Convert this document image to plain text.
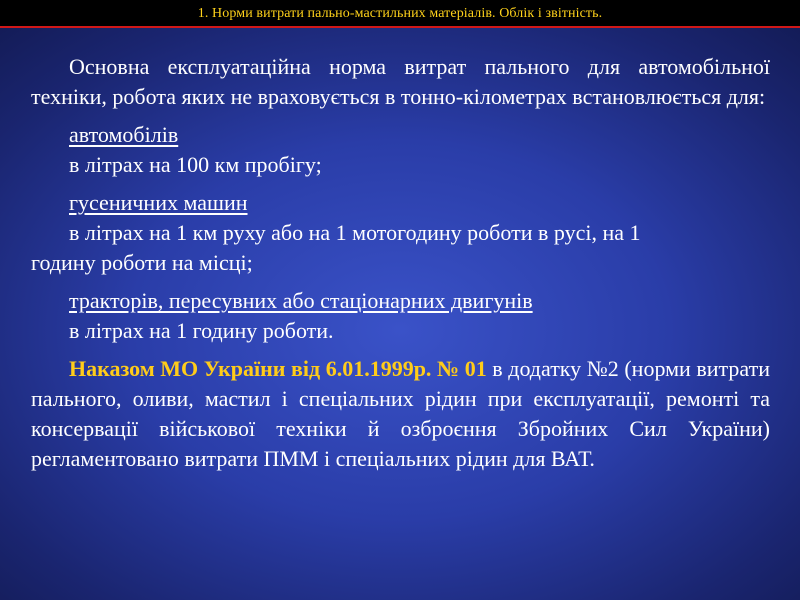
1. Норми витрати пально-мастильних матеріалів. Облік і звітність.

Основна експлуатаційна норма витрат пального для автомобільної техніки, робота яких не враховується в тонно-кілометрах встановлюється для:

автомобілів
в літрах на 100 км пробігу;
гусеничних машин
в літрах на 1 км руху або на 1 мотогодину роботи в русі, на 1
годину роботи на місці;
тракторів, пересувних або стаціонарних двигунів
в літрах на 1 годину роботи.

Наказом МО України від 6.01.1999р. № 01 в додатку №2 (норми витрати пального, оливи, мастил і спеціальних рідин при експлуатації, ремонті та консервації військової техніки й озброєння Збройних Сил України) регламентовано витрати ПММ і спеціальних рідин для ВАТ.
